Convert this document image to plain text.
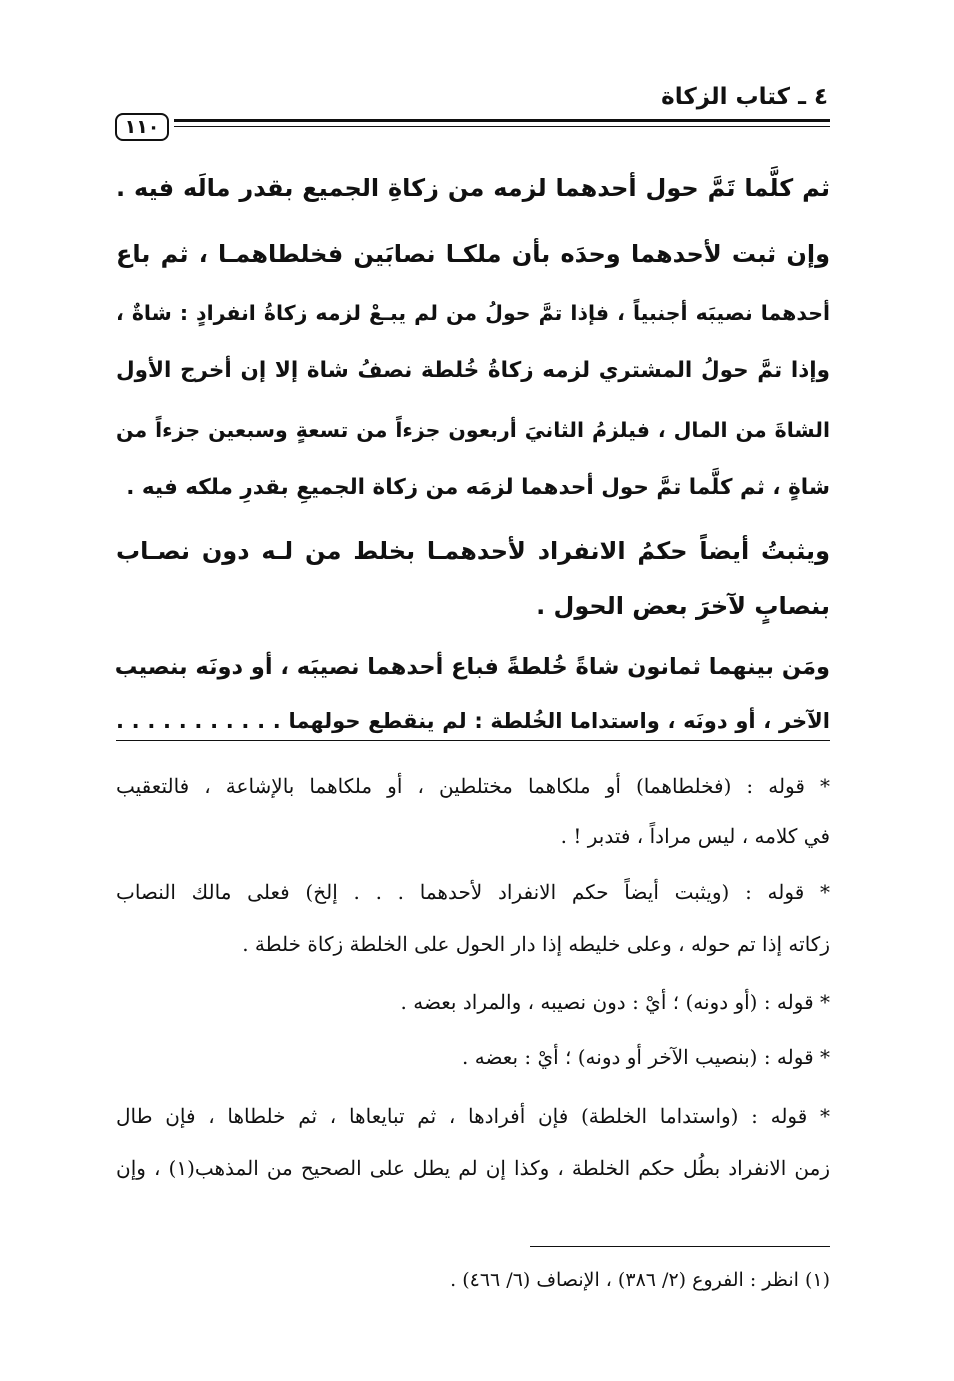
٤ ـ كتاب الزكاة
١١٠
ثم كلَّما تَمَّ حول أحدهما لزمه من زكاةِ الجميع بقدر مالَه فيه .
وإن ثبت لأحدهما وحدَه بأن ملكـا نصابَين فخلطاهمـا ، ثم باع
أحدهما نصيبَه أجنبياً ، فإذا تمَّ حولُ من لم يبـعْ لزمه زكاةُ انفرادٍ : شاةٌ ،
وإذا تمَّ حولُ المشتري لزمه زكاةُ خُلطة نصفُ شاة إلا إن أخرج الأول
الشاةَ من المال ، فيلزمُ الثانيَ أربعون جزءاً من تسعةٍ وسبعين جزءاً من
شاةٍ ، ثم كلَّما تمَّ حول أحدهما لزمَه من زكاة الجميعِ بقدرِ ملكه فيه .
ويثبتُ أيضاً حكمُ الانفراد لأحدهمـا بخلط من لـه دون نصـاب
بنصابٍ لآخرَ بعض الحول .
ومَن بينهما ثمانون شاةً خُلطةً فباع أحدهما نصيبَه ، أو دونَه بنصيب
الآخر ، أو دونَه ، واستداما الخُلطة : لم ينقطع حولهما . . . . . . . . . . .
* قوله : (فخلطاهما) أو ملكاهما مختلطين ، أو ملكاهما بالإشاعة ، فالتعقيب
في كلامه ، ليس مراداً ، فتدبر ! .
* قوله : (ويثبت أيضاً حكم الانفراد لأحدهما . . . إلخ) فعلى مالك النصاب
زكاته إذا تم حوله ، وعلى خليطه إذا دار الحول على الخلطة زكاة خلطة .
* قوله : (أو دونه) ؛ أيْ : دون نصيبه ، والمراد بعضه .
* قوله : (بنصيب الآخر أو دونه) ؛ أيْ : بعضه .
* قوله : (واستداما الخلطة) فإن أفرادها ، ثم تبايعاها ، ثم خلطاها ، فإن طال
زمن الانفراد بطُل حكم الخلطة ، وكذا إن لم يطل على الصحيح من المذهب(١) ، وإن
(١) انظر : الفروع (٢/ ٣٨٦) ، الإنصاف (٦/ ٤٦٦) .
